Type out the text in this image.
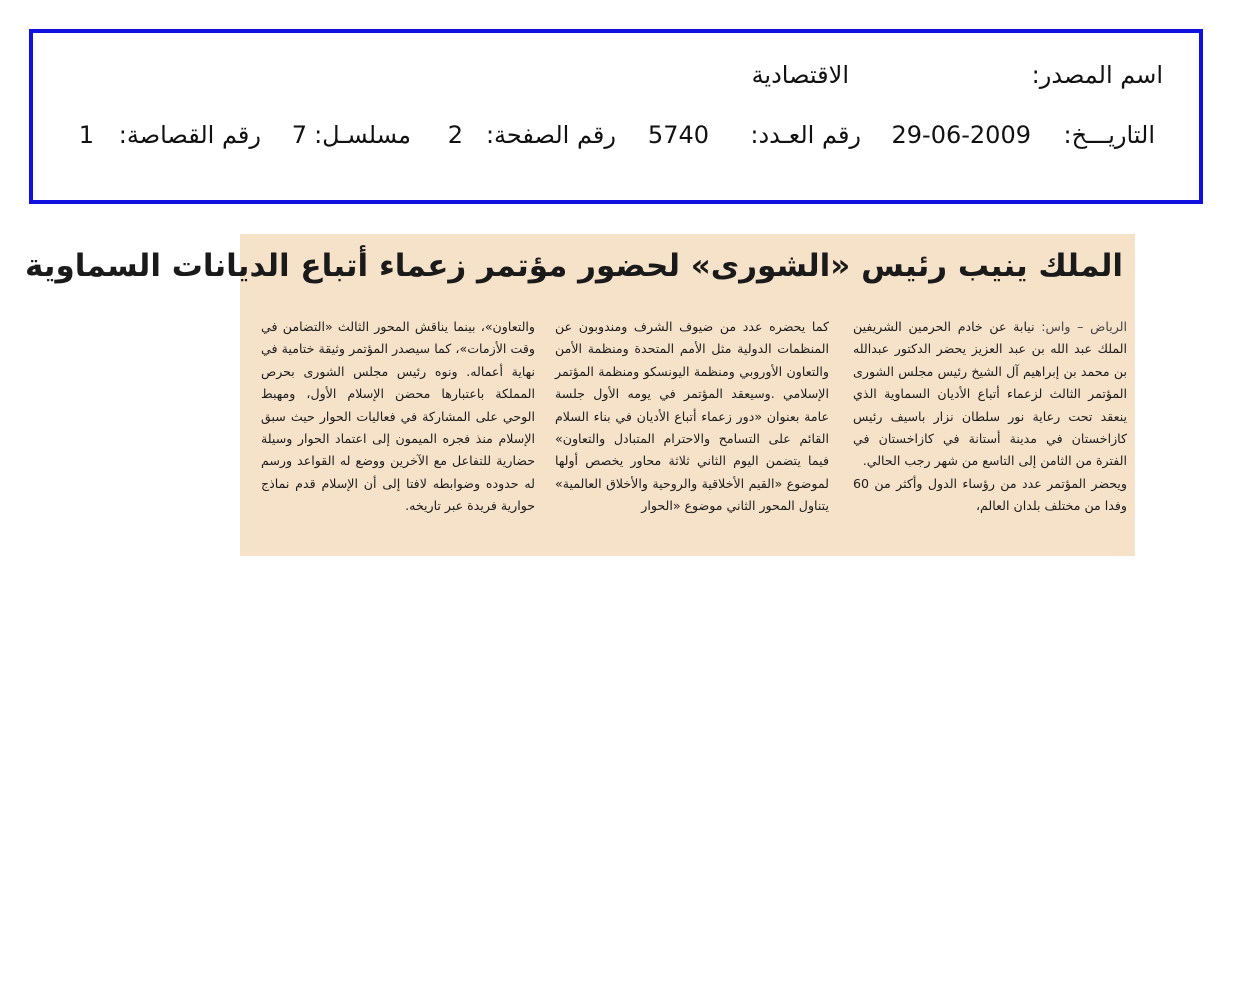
اسم المصدر:
الاقتصادية
التاريـــخ:
29-06-2009
رقم العـدد:
5740
رقم الصفحة:
2
مسلسـل:
7
رقم القصاصة:
1
الملك ينيب رئيس «الشورى» لحضور مؤتمر زعماء أتباع الديانات السماوية

الرياض – واس: نيابة عن خادم الحرمين الشريفين الملك عبد الله بن عبد العزيز يحضر الدكتور عبدالله بن محمد بن إبراهيم آل الشيخ رئيس مجلس الشورى المؤتمر الثالث لزعماء أتباع الأديان السماوية الذي ينعقد تحت رعاية نور سلطان نزار باسيف رئيس كازاخستان في مدينة أستانة في كازاخستان في الفترة من الثامن إلى التاسع من شهر رجب الحالي.

ويحضر المؤتمر عدد من رؤساء الدول وأكثر من 60 وفدا من مختلف بلدان العالم،

كما يحضره عدد من ضيوف الشرف ومندوبون عن المنظمات الدولية مثل الأمم المتحدة ومنظمة الأمن والتعاون الأوروبي ومنظمة اليونسكو ومنظمة المؤتمر الإسلامي .وسيعقد المؤتمر في يومه الأول جلسة عامة بعنوان «دور زعماء أتباع الأديان في بناء السلام القائم على التسامح والاحترام المتبادل والتعاون» فيما يتضمن اليوم الثاني ثلاثة محاور يخصص أولها لموضوع «القيم الأخلاقية والروحية والأخلاق العالمية» يتناول المحور الثاني موضوع «الحوار

والتعاون»، بينما يناقش المحور الثالث «التضامن في وقت الأزمات»، كما سيصدر المؤتمر وثيقة ختامية في نهاية أعماله. ونوه رئيس مجلس الشورى بحرص المملكة باعتبارها محضن الإسلام الأول، ومهبط الوحي على المشاركة في فعاليات الحوار حيث سبق الإسلام منذ فجره الميمون إلى اعتماد الحوار وسيلة حضارية للتفاعل مع الآخرين ووضع له القواعد ورسم له حدوده وضوابطه لافتا إلى أن الإسلام قدم نماذج حوارية فريدة عبر تاريخه.
